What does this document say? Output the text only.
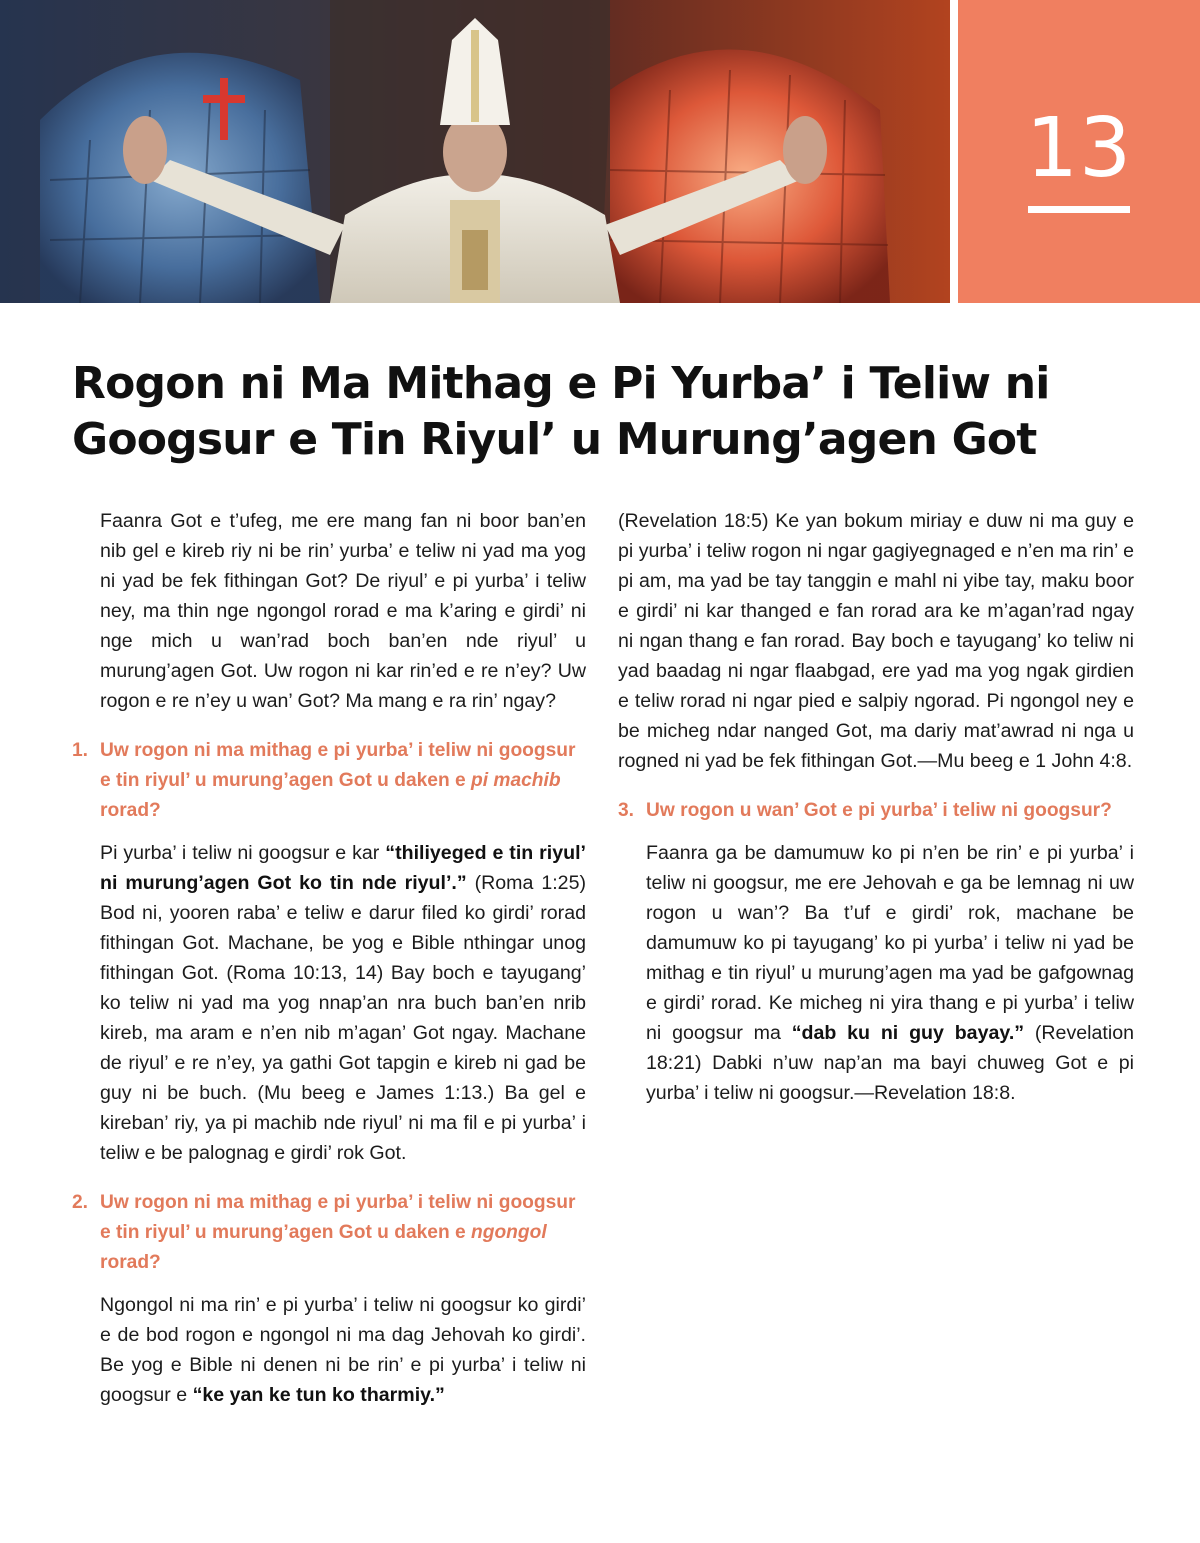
13
Rogon ni Ma Mithag e Pi Yurba’ i Teliw ni Googsur e Tin Riyul’ u Murung’agen Got

Faanra Got e t’ufeg, me ere mang fan ni boor ban’en nib gel e kireb riy ni be rin’ yurba’ e teliw ni yad ma yog ni yad be fek fithingan Got? De riyul’ e pi yurba’ i teliw ney, ma thin nge ngongol rorad e ma k’aring e girdi’ ni nge mich u wan’rad boch ban’en nde riyul’ u murung’agen Got. Uw rogon ni kar rin’ed e re n’ey? Uw rogon e re n’ey u wan’ Got? Ma mang e ra rin’ ngay?

1. Uw rogon ni ma mithag e pi yurba’ i teliw ni googsur e tin riyul’ u murung’agen Got u daken e pi machib rorad?

Pi yurba’ i teliw ni googsur e kar “thiliyeged e tin riyul’ ni murung’agen Got ko tin nde riyul’.” (Roma 1:25) Bod ni, yooren raba’ e teliw e darur filed ko girdi’ rorad fithingan Got. Machane, be yog e Bible nthingar unog fithingan Got. (Roma 10:13, 14) Bay boch e tayugang’ ko teliw ni yad ma yog nnap’an nra buch ban’en nrib kireb, ma aram e n’en nib m’agan’ Got ngay. Machane de riyul’ e re n’ey, ya gathi Got tapgin e kireb ni gad be guy ni be buch. (Mu beeg e James 1:13.) Ba gel e kireban’ riy, ya pi machib nde riyul’ ni ma fil e pi yurba’ i teliw e be palognag e girdi’ rok Got.

2. Uw rogon ni ma mithag e pi yurba’ i teliw ni googsur e tin riyul’ u murung’agen Got u daken e ngongol rorad?

Ngongol ni ma rin’ e pi yurba’ i teliw ni googsur ko girdi’ e de bod rogon e ngongol ni ma dag Jehovah ko girdi’. Be yog e Bible ni denen ni be rin’ e pi yurba’ i teliw ni googsur e “ke yan ke tun ko tharmiy.”

(Revelation 18:5) Ke yan bokum miriay e duw ni ma guy e pi yurba’ i teliw rogon ni ngar gagiyegnaged e n’en ma rin’ e pi am, ma yad be tay tanggin e mahl ni yibe tay, maku boor e girdi’ ni kar thanged e fan rorad ara ke m’agan’rad ngay ni ngan thang e fan rorad. Bay boch e tayugang’ ko teliw ni yad baadag ni ngar flaabgad, ere yad ma yog ngak girdien e teliw rorad ni ngar pied e salpiy ngorad. Pi ngongol ney e be micheg ndar nanged Got, ma dariy mat’awrad ni nga u rogned ni yad be fek fithingan Got.—Mu beeg e 1 John 4:8.

3. Uw rogon u wan’ Got e pi yurba’ i teliw ni googsur?

Faanra ga be damumuw ko pi n’en be rin’ e pi yurba’ i teliw ni googsur, me ere Jehovah e ga be lemnag ni uw rogon u wan’? Ba t’uf e girdi’ rok, machane be damumuw ko pi tayugang’ ko pi yurba’ i teliw ni yad be mithag e tin riyul’ u murung’agen ma yad be gafgownag e girdi’ rorad. Ke micheg ni yira thang e pi yurba’ i teliw ni googsur ma “dab ku ni guy bayay.” (Revelation 18:21) Dabki n’uw nap’an ma bayi chuweg Got e pi yurba’ i teliw ni googsur.—Revelation 18:8.
